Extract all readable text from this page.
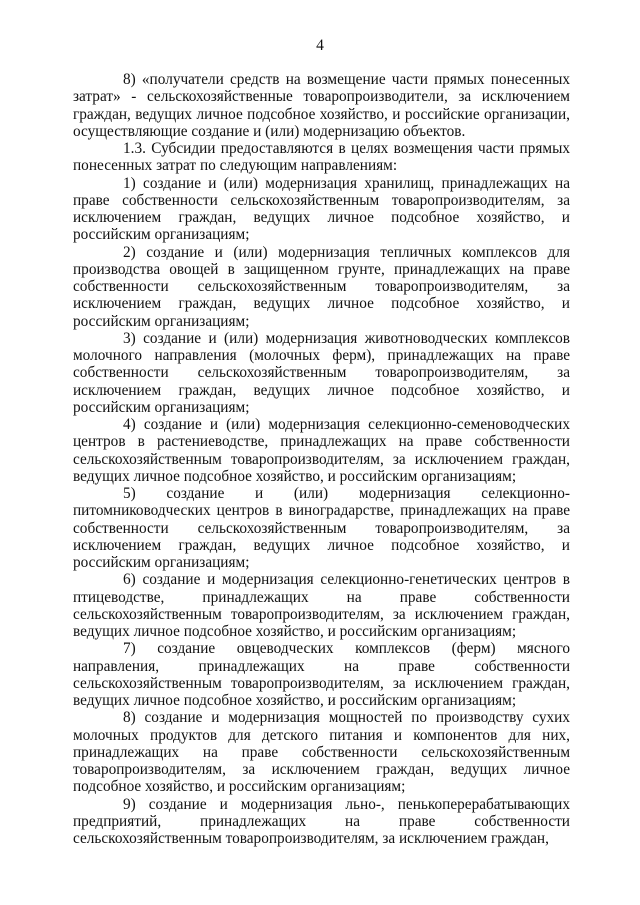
4

8) «получатели средств на возмещение части прямых понесенных затрат» - сельскохозяйственные товаропроизводители, за исключением граждан, ведущих личное подсобное хозяйство, и российские организации, осуществляющие создание и (или) модернизацию объектов.

1.3. Субсидии предоставляются в целях возмещения части прямых понесенных затрат по следующим направлениям:

1) создание и (или) модернизация хранилищ, принадлежащих на праве собственности сельскохозяйственным товаропроизводителям, за исключением граждан, ведущих личное подсобное хозяйство, и российским организациям;

2) создание и (или) модернизация тепличных комплексов для производства овощей в защищенном грунте, принадлежащих на праве собственности сельскохозяйственным товаропроизводителям, за исключением граждан, ведущих личное подсобное хозяйство, и российским организациям;

3) создание и (или) модернизация животноводческих комплексов молочного направления (молочных ферм), принадлежащих на праве собственности сельскохозяйственным товаропроизводителям, за исключением граждан, ведущих личное подсобное хозяйство, и российским организациям;

4) создание и (или) модернизация селекционно-семеноводческих центров в растениеводстве, принадлежащих на праве собственности сельскохозяйственным товаропроизводителям, за исключением граждан, ведущих личное подсобное хозяйство, и российским организациям;

5) создание и (или) модернизация селекционно-питомниководческих центров в виноградарстве, принадлежащих на праве собственности сельскохозяйственным товаропроизводителям, за исключением граждан, ведущих личное подсобное хозяйство, и российским организациям;

6) создание и модернизация селекционно-генетических центров в птицеводстве, принадлежащих на праве собственности сельскохозяйственным товаропроизводителям, за исключением граждан, ведущих личное подсобное хозяйство, и российским организациям;

7) создание овцеводческих комплексов (ферм) мясного направления, принадлежащих на праве собственности сельскохозяйственным товаропроизводителям, за исключением граждан, ведущих личное подсобное хозяйство, и российским организациям;

8) создание и модернизация мощностей по производству сухих молочных продуктов для детского питания и компонентов для них, принадлежащих на праве собственности сельскохозяйственным товаропроизводителям, за исключением граждан, ведущих личное подсобное хозяйство, и российским организациям;

9) создание и модернизация льно-, пенькоперерабатывающих предприятий, принадлежащих на праве собственности сельскохозяйственным товаропроизводителям, за исключением граждан,
